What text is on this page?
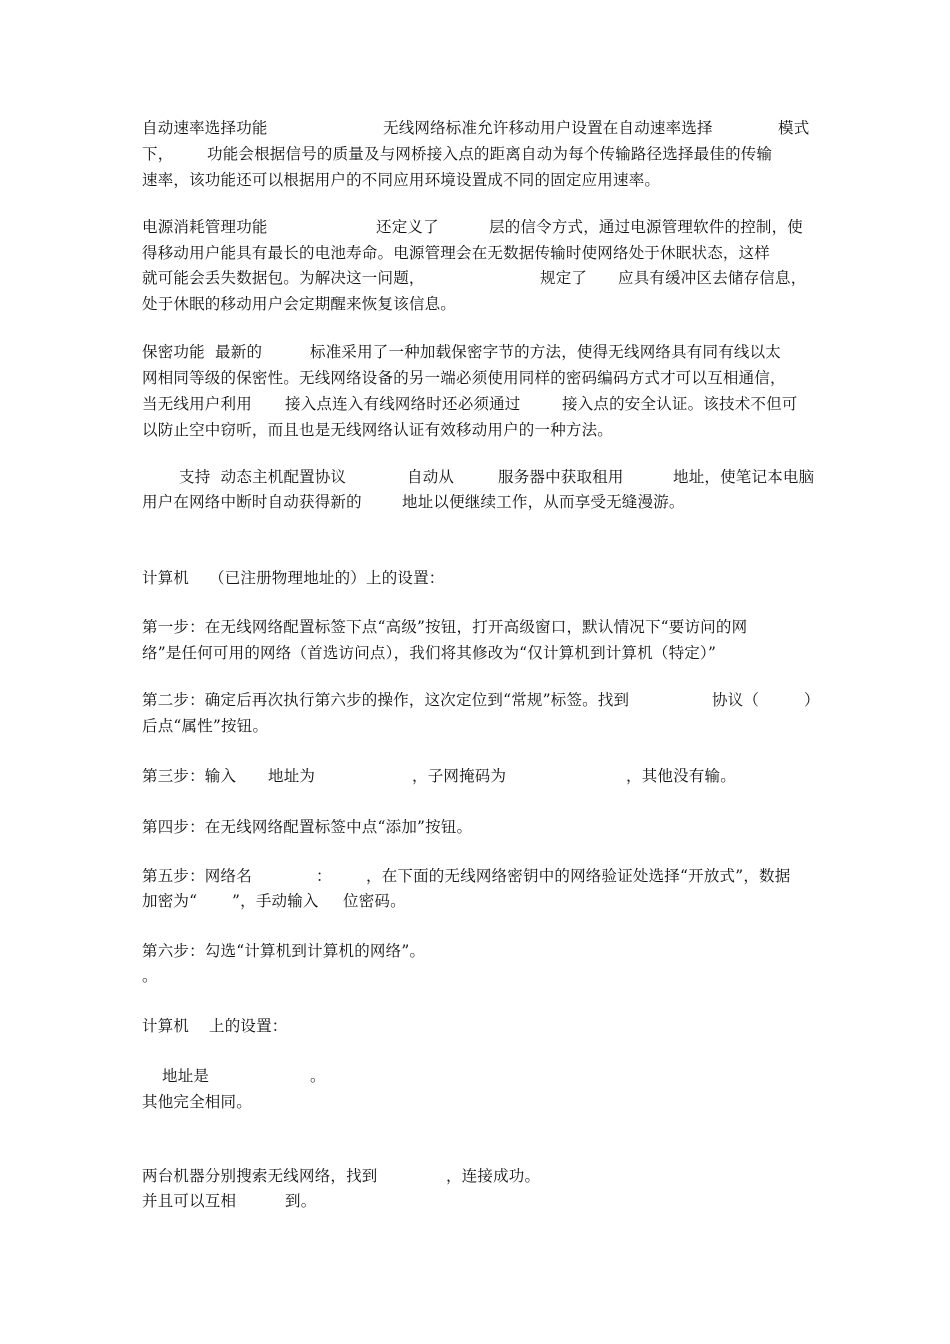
自动速率选择功能	无线网络标准允许移动用户设置在自动速率选择	模式
下， 功能会根据信号的质量及与网桥接入点的距离自动为每个传输路径选择最佳的传输
速率，该功能还可以根据用户的不同应用环境设置成不同的固定应用速率。
电源消耗管理功能	还定义了	层的信令方式，通过电源管理软件的控制，使
得移动用户能具有最长的电池寿命。电源管理会在无数据传输时使网络处于休眠状态，这样
就可能会丢失数据包。为解决这一问题，	规定了 应具有缓冲区去储存信息，
处于休眠的移动用户会定期醒来恢复该信息。
保密功能  最新的	标准采用了一种加载保密字节的方法，使得无线网络具有同有线以太
网相同等级的保密性。无线网络设备的另一端必须使用同样的密码编码方式才可以互相通信，
当无线用户利用 接入点连入有线网络时还必须通过	接入点的安全认证。该技术不但可
以防止空中窃听，而且也是无线网络认证有效移动用户的一种方法。
支持  动态主机配置协议	自动从	服务器中获取租用	地址，使笔记本电脑
用户在网络中断时自动获得新的	地址以便继续工作，从而享受无缝漫游。
计算机 （已注册物理地址的）上的设置：
第一步：在无线网络配置标签下点“高级”按钮，打开高级窗口，默认情况下“要访问的网
络”是任何可用的网络（首选访问点），我们将其修改为“仅计算机到计算机（特定）”
第二步：确定后再次执行第六步的操作，这次定位到“常规”标签。找到	协议（	）
后点“属性”按钮。
第三步：输入 地址为	，子网掩码为	，其他没有输。
第四步：在无线网络配置标签中点“添加”按钮。
第五步：网络名	： ，在下面的无线网络密钥中的网络验证处选择“开放式”，数据
加密为“ ”，手动输入 位密码。
第六步：勾选“计算机到计算机的网络”。
。
计算机 上的设置：
地址是	。
其他完全相同。
两台机器分别搜索无线网络，找到	，连接成功。
并且可以互相	到。
